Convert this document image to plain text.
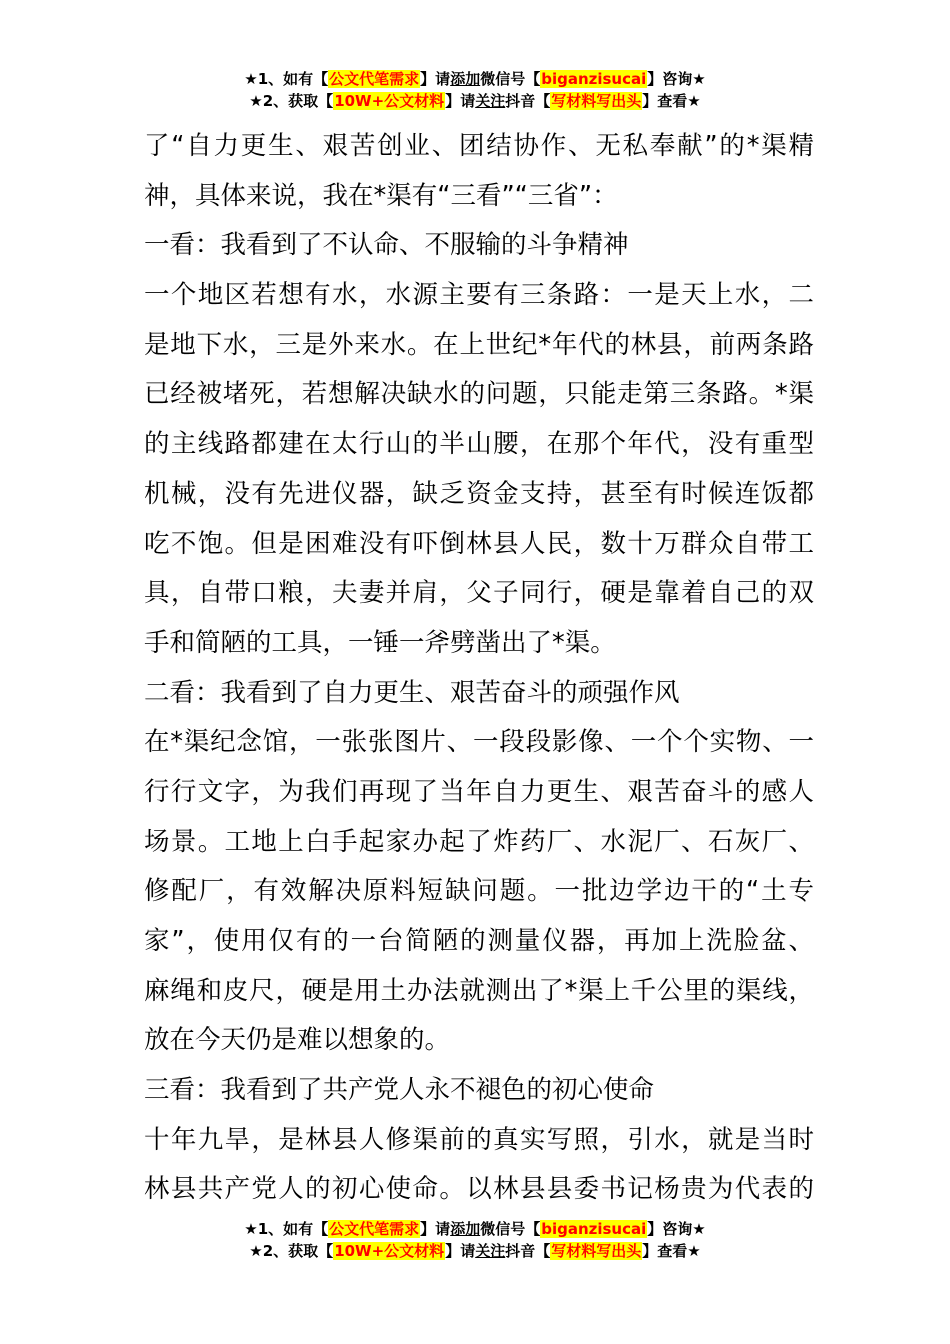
★1、如有【公文代笔需求】请添加微信号【biganzisucai】咨询★
★2、获取【10W+公文材料】请关注抖音【写材料写出头】查看★
了“自力更生、艰苦创业、团结协作、无私奉献”的*渠精
神，具体来说，我在*渠有“三看”“三省”：
一看：我看到了不认命、不服输的斗争精神
一个地区若想有水，水源主要有三条路：一是天上水，二
是地下水，三是外来水。在上世纪*年代的林县，前两条路
已经被堵死，若想解决缺水的问题，只能走第三条路。*渠
的主线路都建在太行山的半山腰，在那个年代，没有重型
机械，没有先进仪器，缺乏资金支持，甚至有时候连饭都
吃不饱。但是困难没有吓倒林县人民，数十万群众自带工
具，自带口粮，夫妻并肩，父子同行，硬是靠着自己的双
手和简陋的工具，一锤一斧劈凿出了*渠。
二看：我看到了自力更生、艰苦奋斗的顽强作风
在*渠纪念馆，一张张图片、一段段影像、一个个实物、一
行行文字，为我们再现了当年自力更生、艰苦奋斗的感人
场景。工地上白手起家办起了炸药厂、水泥厂、石灰厂、
修配厂，有效解决原料短缺问题。一批边学边干的“土专
家”，使用仅有的一台简陋的测量仪器，再加上洗脸盆、
麻绳和皮尺，硬是用土办法就测出了*渠上千公里的渠线，
放在今天仍是难以想象的。
三看：我看到了共产党人永不褪色的初心使命
十年九旱，是林县人修渠前的真实写照，引水，就是当时
林县共产党人的初心使命。以林县县委书记杨贵为代表的
★1、如有【公文代笔需求】请添加微信号【biganzisucai】咨询★
★2、获取【10W+公文材料】请关注抖音【写材料写出头】查看★
